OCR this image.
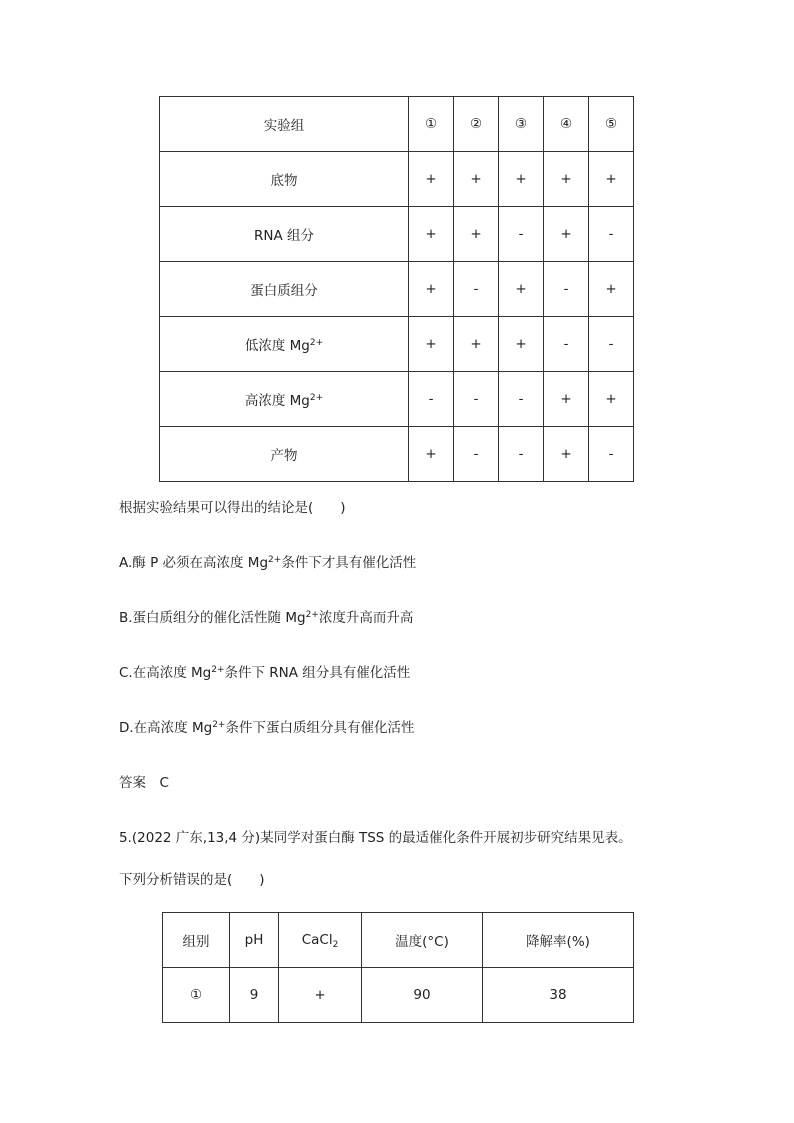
实验组	①	②	③	④	⑤
底物	+	+	+	+	+
RNA 组分	+	+	-	+	-
蛋白质组分	+	-	+	-	+
低浓度 $Mg^{2+}$	+	+	+	-	-
高浓度 $Mg^{2+}$	-	-	-	+	+
产物	+	-	-	+	-

根据实验结果可以得出的结论是(　　)

A.酶 P 必须在高浓度 $Mg^{2+}$条件下才具有催化活性

B.蛋白质组分的催化活性随 $Mg^{2+}$浓度升高而升高

C.在高浓度 $Mg^{2+}$条件下 RNA 组分具有催化活性

D.在高浓度 $Mg^{2+}$条件下蛋白质组分具有催化活性

答案　C

5.(2022 广东,13,4 分)某同学对蛋白酶 TSS 的最适催化条件开展初步研究结果见表。

下列分析错误的是(　　)

组别	pH	CaCl$_2$	温度(°C)	降解率(%)
①	9	+	90	38
